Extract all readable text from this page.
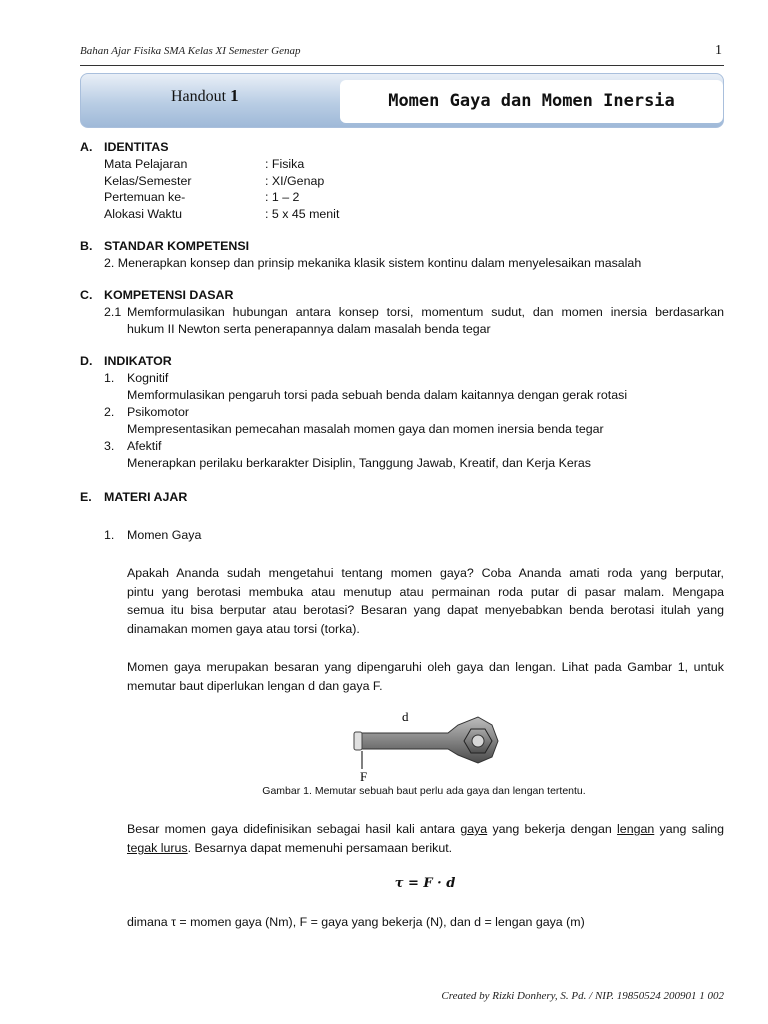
Bahan Ajar Fisika SMA Kelas XI Semester Genap	1
Handout 1	Momen Gaya dan Momen Inersia
A. IDENTITAS
Mata Pelajaran	: Fisika
Kelas/Semester	: XI/Genap
Pertemuan ke-	: 1 – 2
Alokasi Waktu	: 5 x 45 menit
B. STANDAR KOMPETENSI
2. Menerapkan konsep dan prinsip mekanika klasik sistem kontinu dalam menyelesaikan masalah
C. KOMPETENSI DASAR
2.1 Memformulasikan hubungan antara konsep torsi, momentum sudut, dan momen inersia berdasarkan
hukum II Newton serta penerapannya dalam masalah benda tegar
D. INDIKATOR
1. Kognitif
Memformulasikan pengaruh torsi pada sebuah benda dalam kaitannya dengan gerak rotasi
2. Psikomotor
Mempresentasikan pemecahan masalah momen gaya dan momen inersia benda tegar
3. Afektif
Menerapkan perilaku berkarakter Disiplin, Tanggung Jawab, Kreatif, dan Kerja Keras
E. MATERI AJAR
1. Momen Gaya
Apakah Ananda sudah mengetahui tentang momen gaya? Coba Ananda amati roda yang berputar,
pintu yang berotasi membuka atau menutup atau permainan roda putar di pasar malam. Mengapa
semua itu bisa berputar atau berotasi? Besaran yang dapat menyebabkan benda berotasi itulah yang
dinamakan momen gaya atau torsi (torka).
Momen gaya merupakan besaran yang dipengaruhi oleh gaya dan lengan. Lihat pada Gambar 1, untuk
memutar baut diperlukan lengan d dan gaya F.
d
F
Gambar 1. Memutar sebuah baut perlu ada gaya dan lengan tertentu.
Besar momen gaya didefinisikan sebagai hasil kali antara gaya yang bekerja dengan lengan yang saling
tegak lurus. Besarnya dapat memenuhi persamaan berikut.
τ = F · d
dimana τ = momen gaya (Nm), F = gaya yang bekerja (N), dan d = lengan gaya (m)
Created by Rizki Donhery, S. Pd. / NIP. 19850524 200901 1 002
